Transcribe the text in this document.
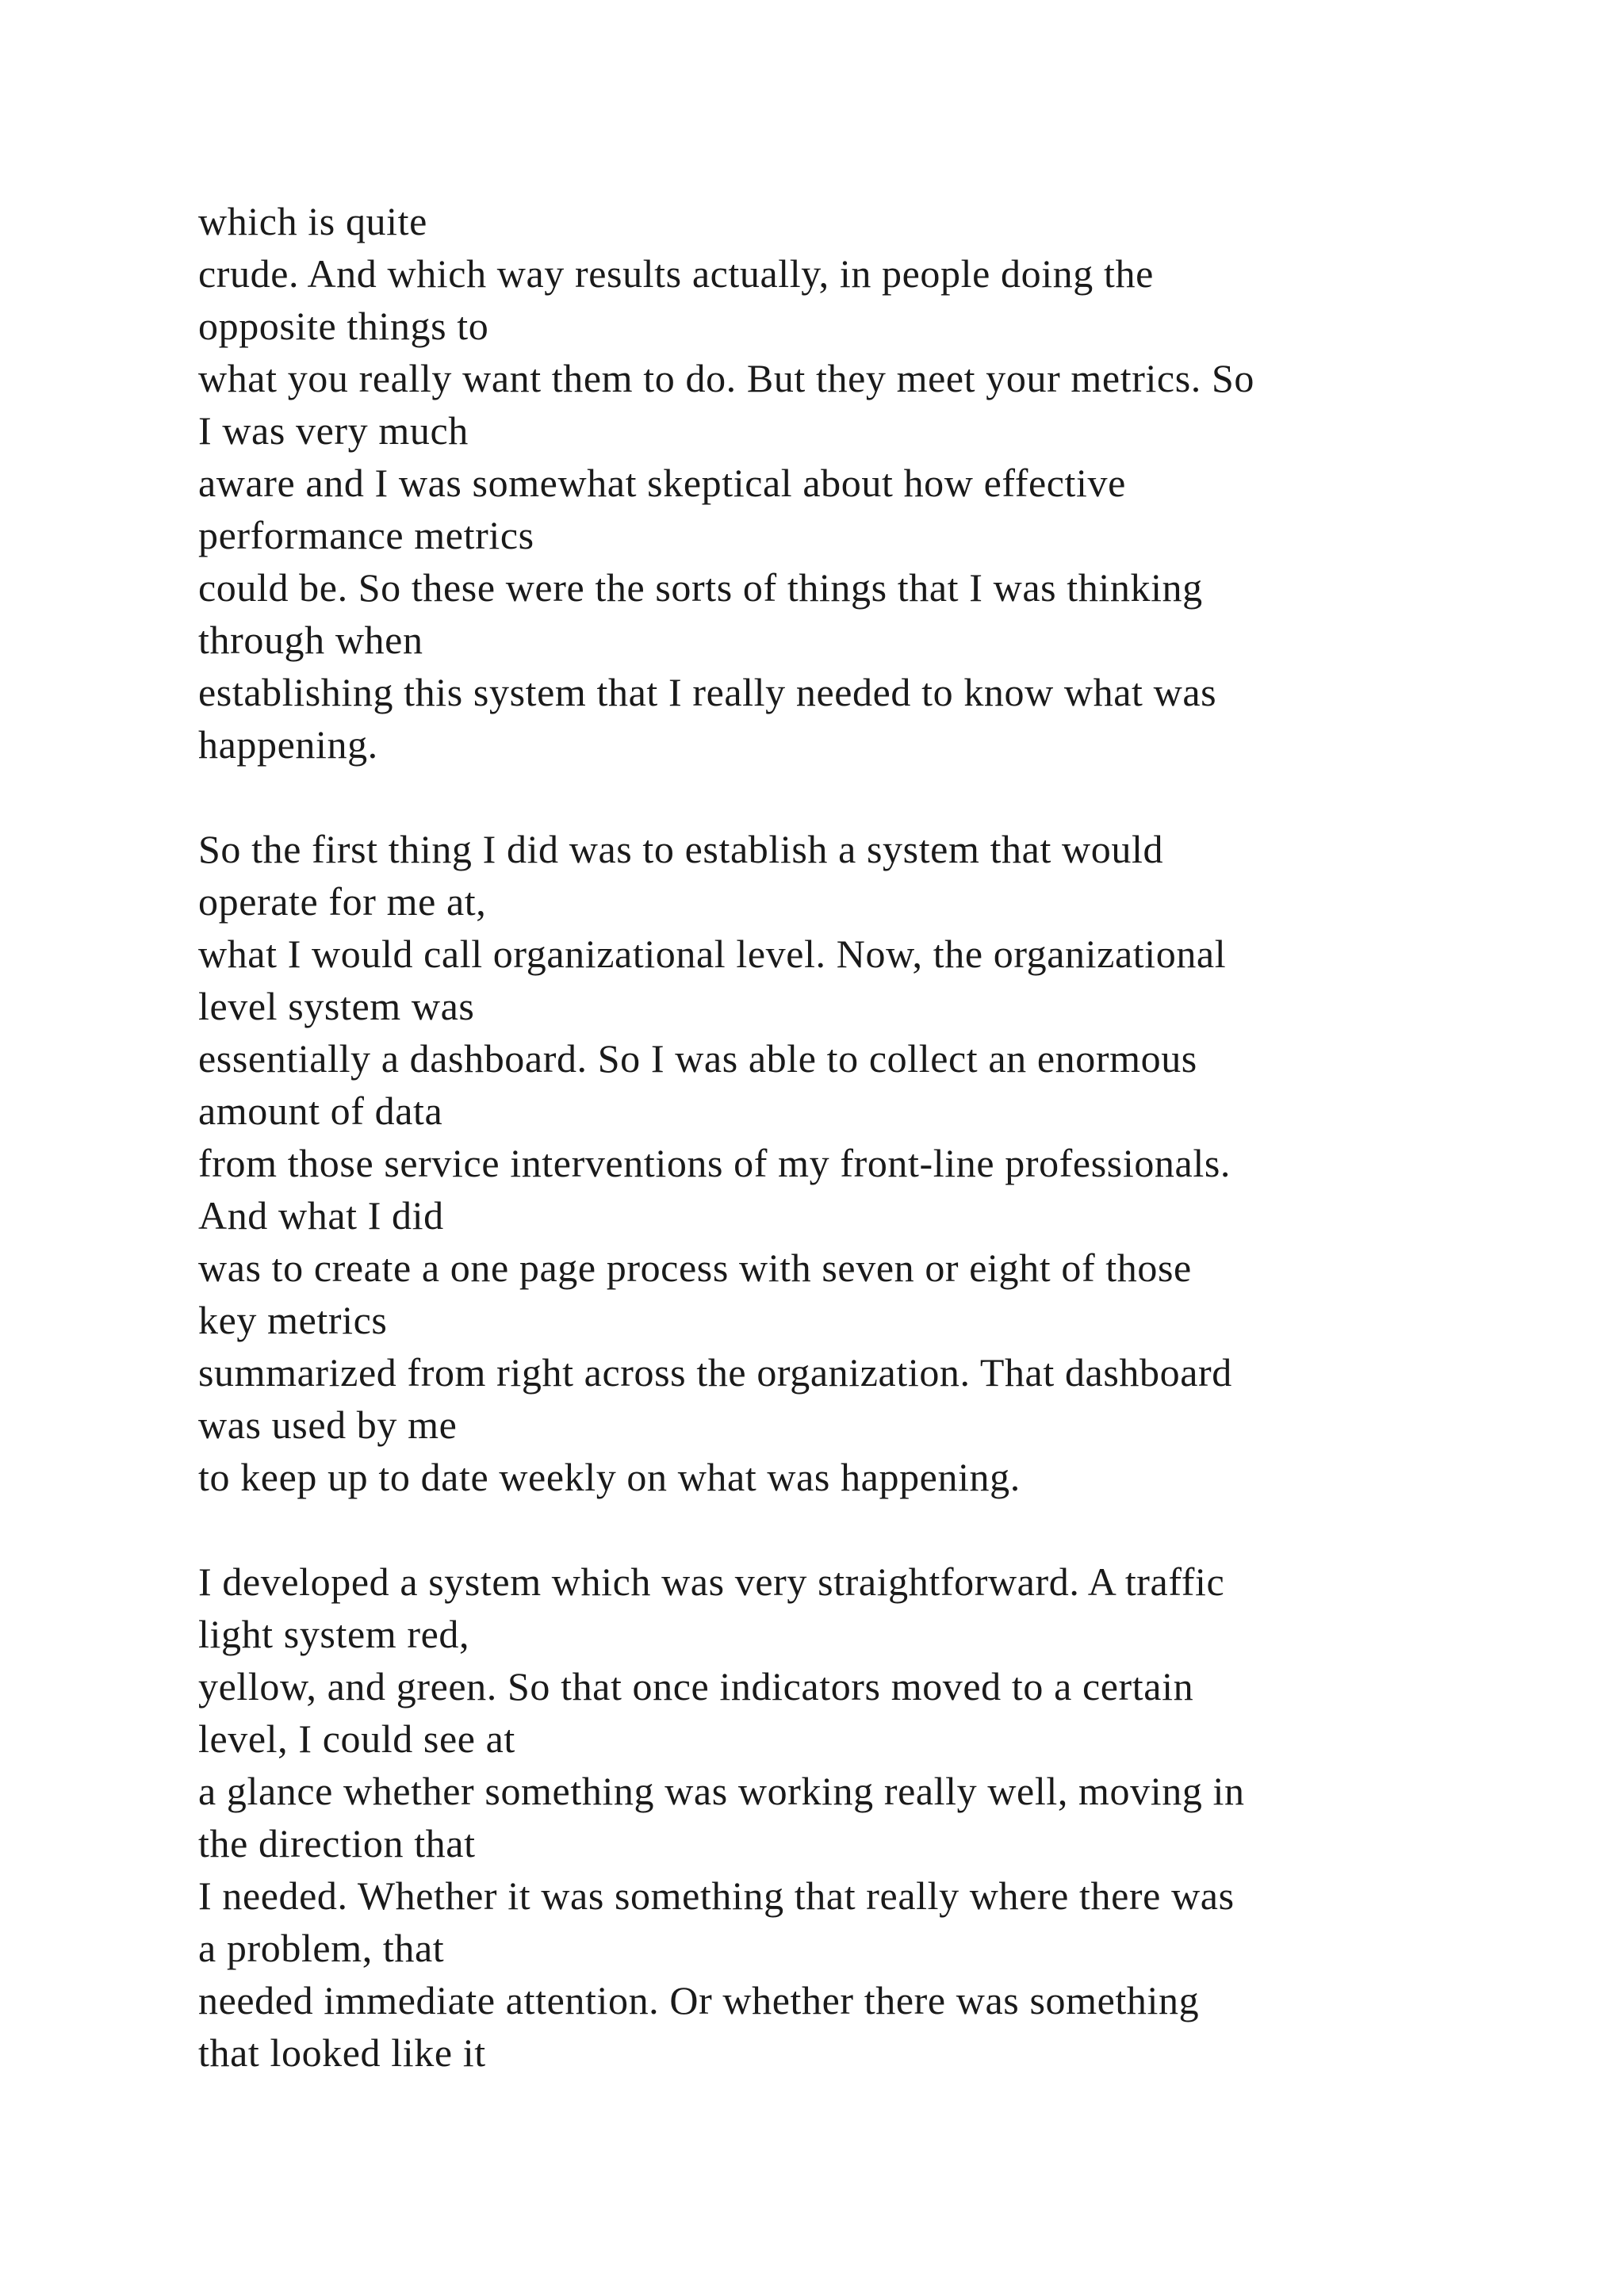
which is quite
crude. And which way results actually, in people doing the
opposite things to
what you really want them to do. But they meet your metrics. So
I was very much
aware and I was somewhat skeptical about how effective
performance metrics
could be. So these were the sorts of things that I was thinking
through when
establishing this system that I really needed to know what was
happening.

So the first thing I did was to establish a system that would
operate for me at,
what I would call organizational level. Now, the organizational
level system was
essentially a dashboard. So I was able to collect an enormous
amount of data
from those service interventions of my front-line professionals.
And what I did
was to create a one page process with seven or eight of those
key metrics
summarized from right across the organization. That dashboard
was used by me
to keep up to date weekly on what was happening.

I developed a system which was very straightforward. A traffic
light system red,
yellow, and green. So that once indicators moved to a certain
level, I could see at
a glance whether something was working really well, moving in
the direction that
I needed. Whether it was something that really where there was
a problem, that
needed immediate attention. Or whether there was something
that looked like it
